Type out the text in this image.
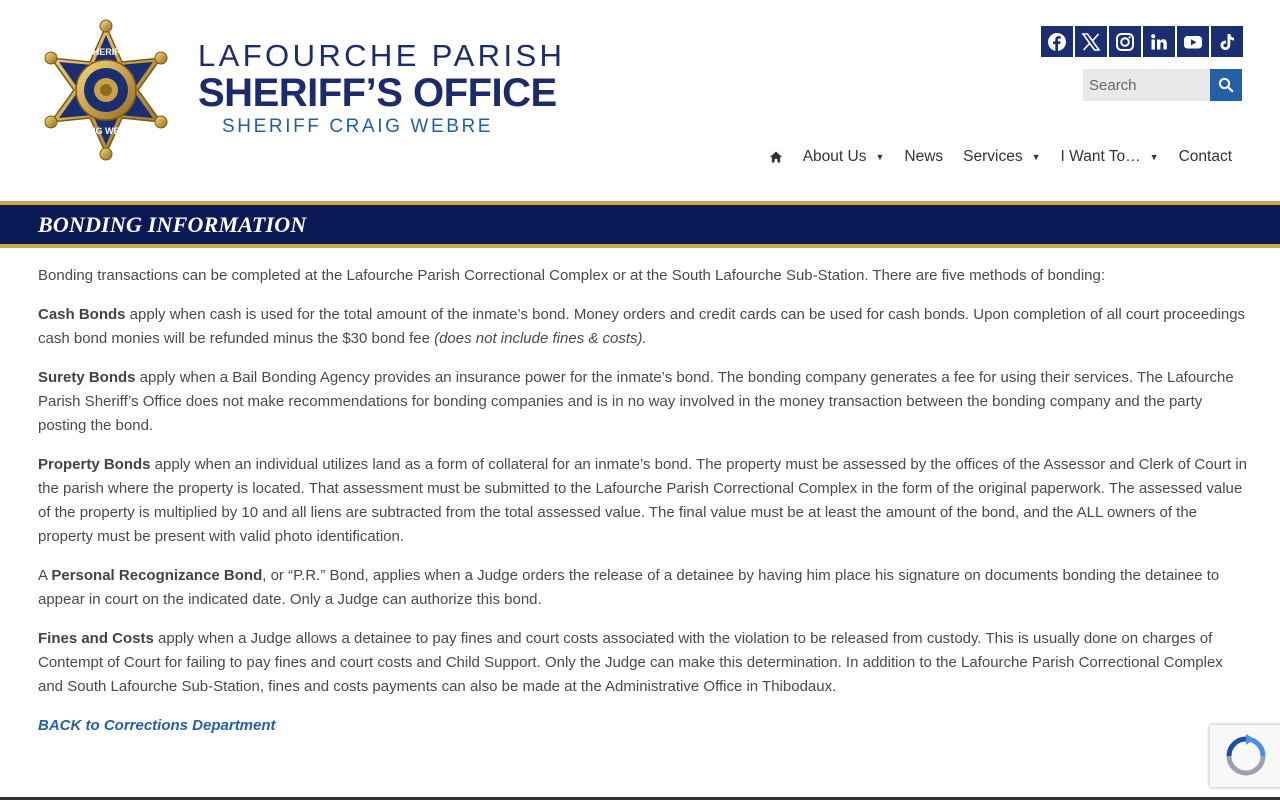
SHERIFF
CRAIG WEBRE
LAFOURCHE PARISH
SHERIFF’S OFFICE
SHERIFF CRAIG WEBRE
Search
About Us ▼ News Services ▼ I Want To… ▼ Contact
BONDING INFORMATION

Bonding transactions can be completed at the Lafourche Parish Correctional Complex or at the South Lafourche Sub-Station. There are five methods of bonding:

Cash Bonds apply when cash is used for the total amount of the inmate’s bond. Money orders and credit cards can be used for cash bonds. Upon completion of all court proceedings cash bond monies will be refunded minus the $30 bond fee (does not include fines & costs).

Surety Bonds apply when a Bail Bonding Agency provides an insurance power for the inmate’s bond. The bonding company generates a fee for using their services. The Lafourche Parish Sheriff’s Office does not make recommendations for bonding companies and is in no way involved in the money transaction between the bonding company and the party posting the bond.

Property Bonds apply when an individual utilizes land as a form of collateral for an inmate’s bond. The property must be assessed by the offices of the Assessor and Clerk of Court in the parish where the property is located. That assessment must be submitted to the Lafourche Parish Correctional Complex in the form of the original paperwork. The assessed value of the property is multiplied by 10 and all liens are subtracted from the total assessed value. The final value must be at least the amount of the bond, and the ALL owners of the property must be present with valid photo identification.

A Personal Recognizance Bond, or “P.R.” Bond, applies when a Judge orders the release of a detainee by having him place his signature on documents bonding the detainee to appear in court on the indicated date. Only a Judge can authorize this bond.

Fines and Costs apply when a Judge allows a detainee to pay fines and court costs associated with the violation to be released from custody. This is usually done on charges of Contempt of Court for failing to pay fines and court costs and Child Support. Only the Judge can make this determination. In addition to the Lafourche Parish Correctional Complex and South Lafourche Sub-Station, fines and costs payments can also be made at the Administrative Office in Thibodaux.

BACK to Corrections Department
